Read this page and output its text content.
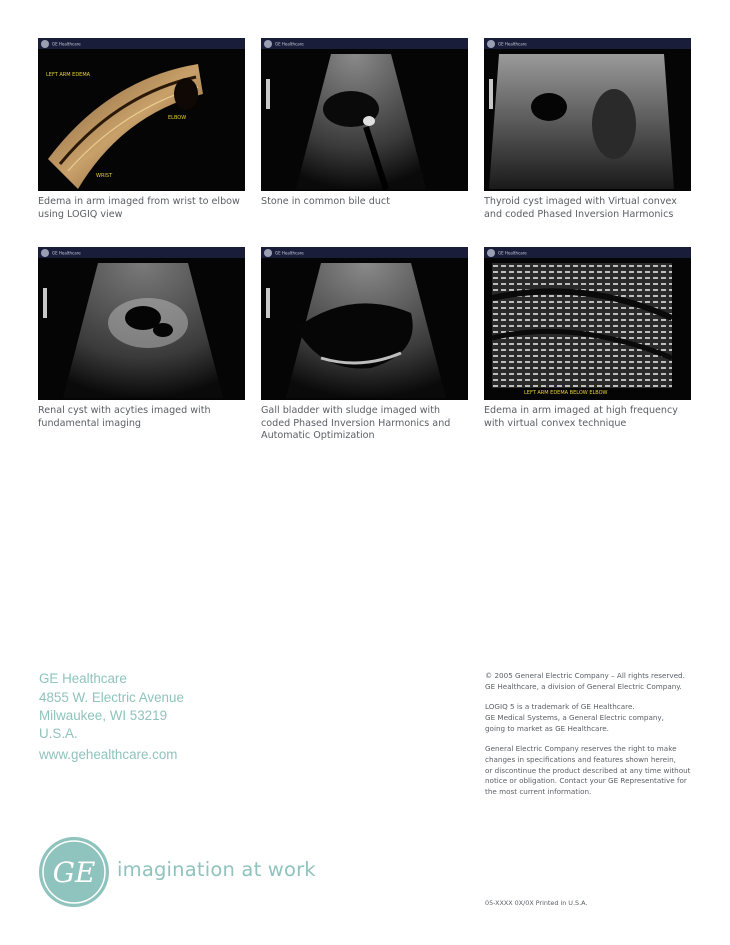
GE Healthcare
LEFT ARM EDEMA
ELBOW
WRIST
Edema in arm imaged from wrist to elbow using LOGIQ view
GE Healthcare
Stone in common bile duct
GE Healthcare
Thyroid cyst imaged with Virtual convex and coded Phased Inversion Harmonics
GE Healthcare
Renal cyst with acyties imaged with fundamental imaging
GE Healthcare
Gall bladder with sludge imaged with coded Phased Inversion Harmonics and Automatic Optimization
GE Healthcare
LEFT ARM EDEMA BELOW ELBOW
Edema in arm imaged at high frequency with virtual convex technique
GE Healthcare
4855 W. Electric Avenue
Milwaukee, WI 53219
U.S.A.
www.gehealthcare.com

© 2005 General Electric Company – All rights reserved.

GE Healthcare, a division of General Electric Company.

LOGIQ 5 is a trademark of GE Healthcare.

GE Medical Systems, a General Electric company,

going to market as GE Healthcare.

General Electric Company reserves the right to make

changes in specifications and features shown herein,

or discontinue the product described at any time without

notice or obligation. Contact your GE Representative for

the most current information.

GE imagination at work
05-XXXX 0X/0X Printed in U.S.A.
